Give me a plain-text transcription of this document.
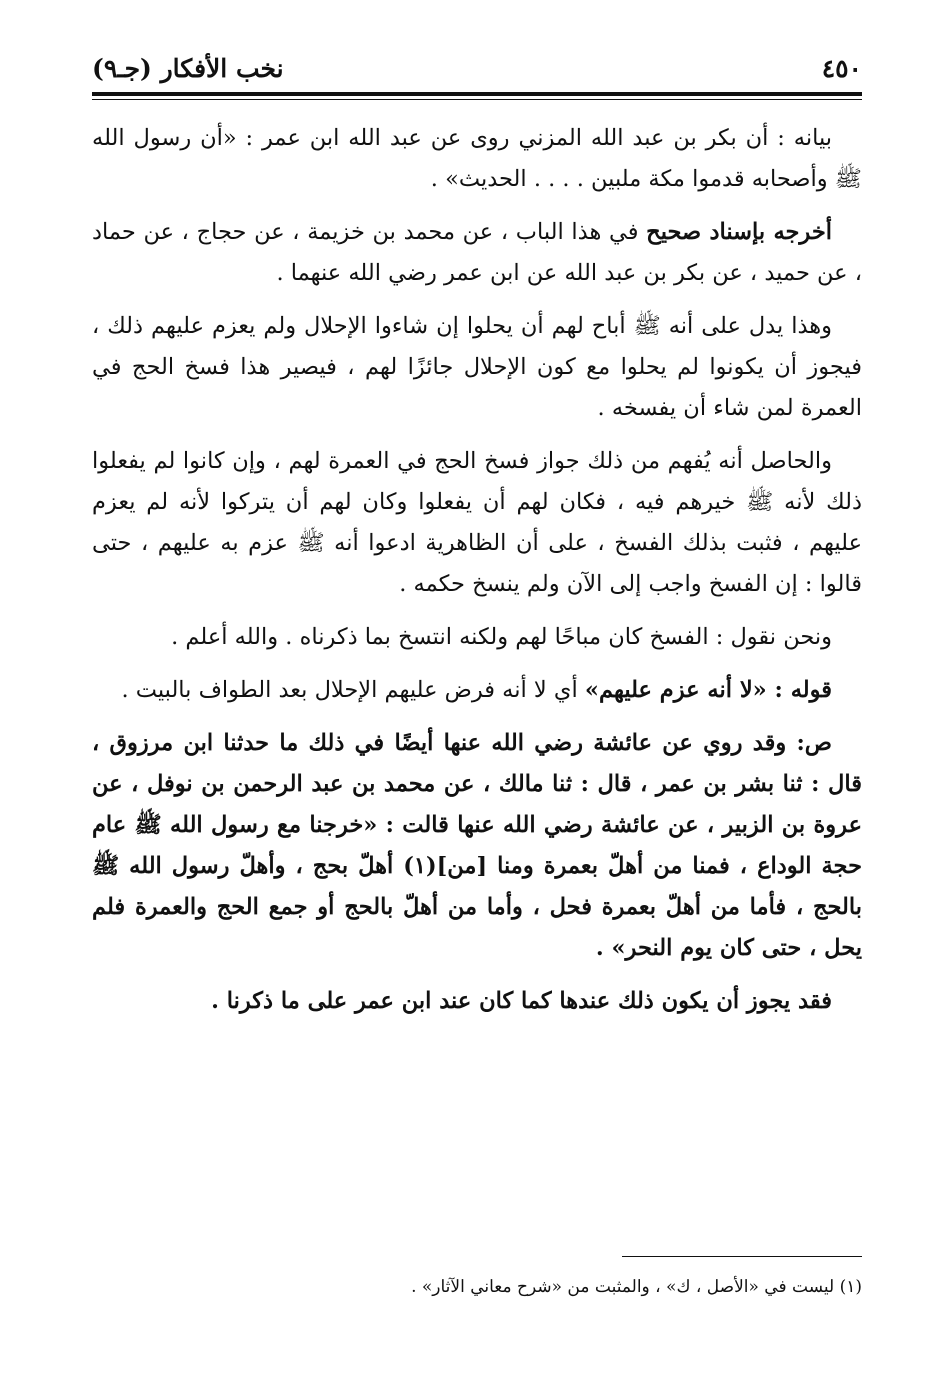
٤٥٠
نخب الأفكار (جـ٩)

بيانه : أن بكر بن عبد الله المزني روى عن عبد الله ابن عمر : «أن رسول الله ﷺ وأصحابه قدموا مكة ملبين . . . . الحديث» .

أخرجه بإسناد صحيح في هذا الباب ، عن محمد بن خزيمة ، عن حجاج ، عن حماد ، عن حميد ، عن بكر بن عبد الله عن ابن عمر رضي الله عنهما .

وهذا يدل على أنه ﷺ أباح لهم أن يحلوا إن شاءوا الإحلال ولم يعزم عليهم ذلك ، فيجوز أن يكونوا لم يحلوا مع كون الإحلال جائزًا لهم ، فيصير هذا فسخ الحج في العمرة لمن شاء أن يفسخه .

والحاصل أنه يُفهم من ذلك جواز فسخ الحج في العمرة لهم ، وإن كانوا لم يفعلوا ذلك لأنه ﷺ خيرهم فيه ، فكان لهم أن يفعلوا وكان لهم أن يتركوا لأنه لم يعزم عليهم ، فثبت بذلك الفسخ ، على أن الظاهرية ادعوا أنه ﷺ عزم به عليهم ، حتى قالوا : إن الفسخ واجب إلى الآن ولم ينسخ حكمه .

ونحن نقول : الفسخ كان مباحًا لهم ولكنه انتسخ بما ذكرناه . والله أعلم .

قوله : «لا أنه عزم عليهم» أي لا أنه فرض عليهم الإحلال بعد الطواف بالبيت .

ص: وقد روي عن عائشة رضي الله عنها أيضًا في ذلك ما حدثنا ابن مرزوق ، قال : ثنا بشر بن عمر ، قال : ثنا مالك ، عن محمد بن عبد الرحمن بن نوفل ، عن عروة بن الزبير ، عن عائشة رضي الله عنها قالت : «خرجنا مع رسول الله ﷺ عام حجة الوداع ، فمنا من أهلّ بعمرة ومنا [من](١) أهلّ بحج ، وأهلّ رسول الله ﷺ بالحج ، فأما من أهلّ بعمرة فحل ، وأما من أهلّ بالحج أو جمع الحج والعمرة فلم يحل ، حتى كان يوم النحر» .

فقد يجوز أن يكون ذلك عندها كما كان عند ابن عمر على ما ذكرنا .

(١) ليست في «الأصل ، ك» ، والمثبت من «شرح معاني الآثار» .
